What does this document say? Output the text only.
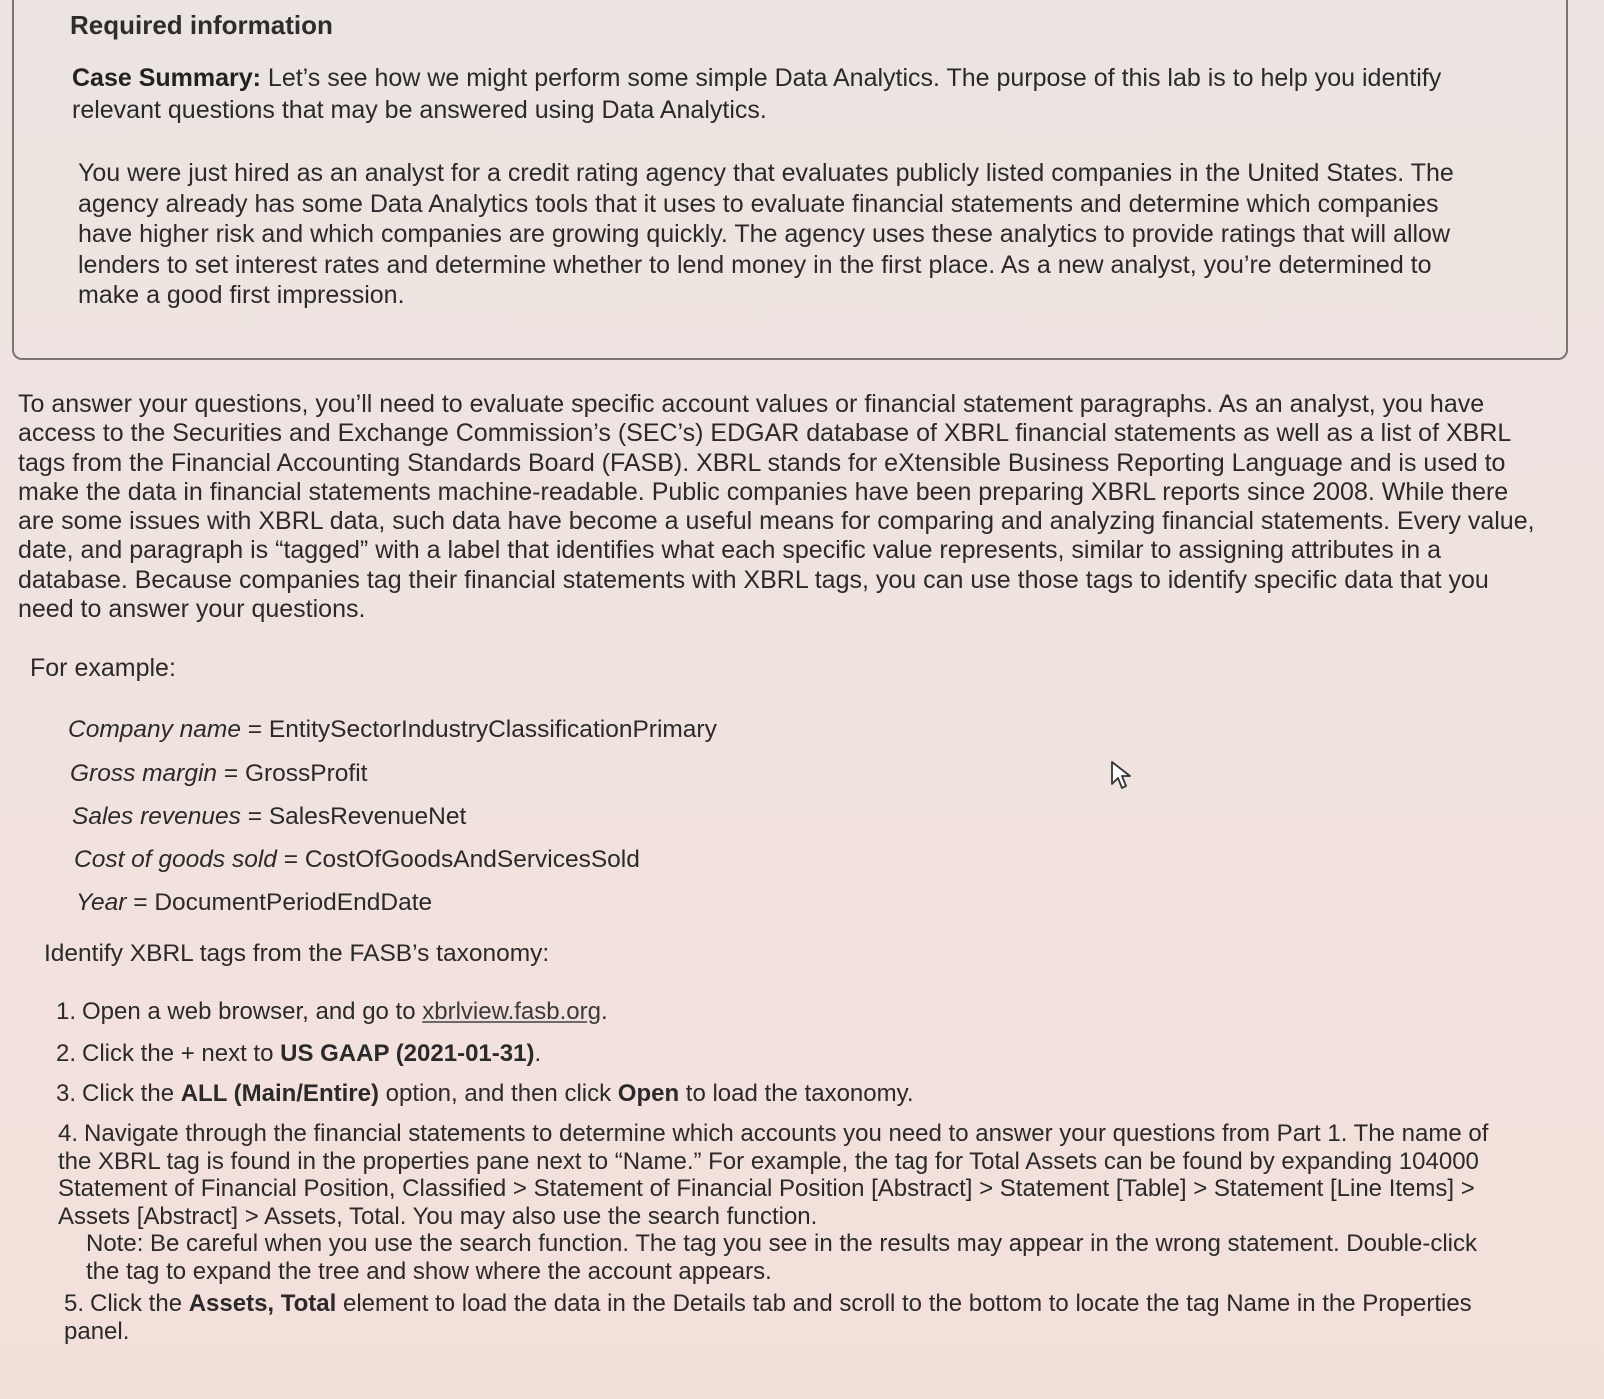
Required information

Case Summary: Let’s see how we might perform some simple Data Analytics. The purpose of this lab is to help you identify relevant questions that may be answered using Data Analytics.

You were just hired as an analyst for a credit rating agency that evaluates publicly listed companies in the United States. The agency already has some Data Analytics tools that it uses to evaluate financial statements and determine which companies have higher risk and which companies are growing quickly. The agency uses these analytics to provide ratings that will allow lenders to set interest rates and determine whether to lend money in the first place. As a new analyst, you’re determined to make a good first impression.

To answer your questions, you’ll need to evaluate specific account values or financial statement paragraphs. As an analyst, you have access to the Securities and Exchange Commission’s (SEC’s) EDGAR database of XBRL financial statements as well as a list of XBRL tags from the Financial Accounting Standards Board (FASB). XBRL stands for eXtensible Business Reporting Language and is used to make the data in financial statements machine-readable. Public companies have been preparing XBRL reports since 2008. While there are some issues with XBRL data, such data have become a useful means for comparing and analyzing financial statements. Every value, date, and paragraph is “tagged” with a label that identifies what each specific value represents, similar to assigning attributes in a database. Because companies tag their financial statements with XBRL tags, you can use those tags to identify specific data that you need to answer your questions.

For example:

Company name = EntitySectorIndustryClassificationPrimary

Gross margin = GrossProfit

Sales revenues = SalesRevenueNet

Cost of goods sold = CostOfGoodsAndServicesSold

Year = DocumentPeriodEndDate

Identify XBRL tags from the FASB’s taxonomy:

1. Open a web browser, and go to xbrlview.fasb.org.

2. Click the + next to US GAAP (2021-01-31).

3. Click the ALL (Main/Entire) option, and then click Open to load the taxonomy.

4. Navigate through the financial statements to determine which accounts you need to answer your questions from Part 1. The name of the XBRL tag is found in the properties pane next to “Name.” For example, the tag for Total Assets can be found by expanding 104000 Statement of Financial Position, Classified > Statement of Financial Position [Abstract] > Statement [Table] > Statement [Line Items] > Assets [Abstract] > Assets, Total. You may also use the search function.
Note: Be careful when you use the search function. The tag you see in the results may appear in the wrong statement. Double-click the tag to expand the tree and show where the account appears.

5. Click the Assets, Total element to load the data in the Details tab and scroll to the bottom to locate the tag Name in the Properties panel.
